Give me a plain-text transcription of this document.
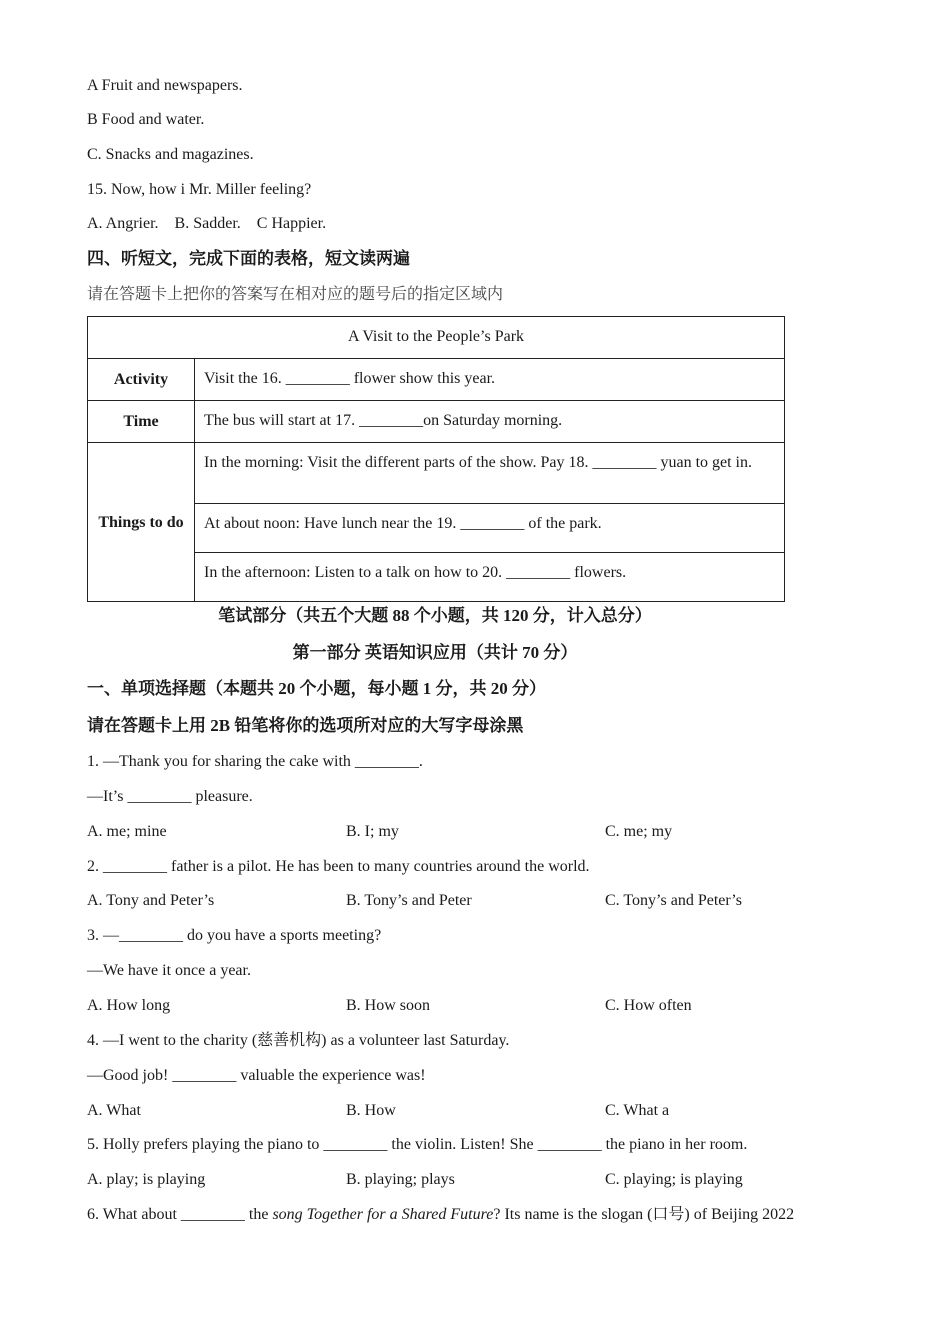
A Fruit and newspapers.
B Food and water.
C. Snacks and magazines.
15. Now, how i Mr. Miller feeling?
A. Angrier.    B. Sadder.    C Happier.
四、听短文，完成下面的表格，短文读两遍
请在答题卡上把你的答案写在相对应的题号后的指定区域内
A Visit to the People’s Park	
Activity	Visit the 16. ________ flower show this year.
Time	The bus will start at 17. ________on Saturday morning.
Things to do	In the morning: Visit the different parts of the show. Pay 18. ________ yuan to get in.
	At about noon: Have lunch near the 19. ________ of the park.
	In the afternoon: Listen to a talk on how to 20. ________ flowers.
笔试部分（共五个大题 88 个小题，共 120 分，计入总分）
第一部分 英语知识应用（共计 70 分）
一、单项选择题（本题共 20 个小题，每小题 1 分，共 20 分）
请在答题卡上用 2B 铅笔将你的选项所对应的大写字母涂黑
1. —Thank you for sharing the cake with ________.
—It’s ________ pleasure.
A. me; mine	B. I; my	C. me; my
2. ________ father is a pilot. He has been to many countries around the world.
A. Tony and Peter’s	B. Tony’s and Peter	C. Tony’s and Peter’s
3. —________ do you have a sports meeting?
—We have it once a year.
A. How long	B. How soon	C. How often
4. —I went to the charity (慈善机构) as a volunteer last Saturday.
—Good job! ________ valuable the experience was!
A. What	B. How	C. What a
5. Holly prefers playing the piano to ________ the violin. Listen! She ________ the piano in her room.
A. play; is playing	B. playing; plays	C. playing; is playing
6. What about ________ the song Together for a Shared Future? Its name is the slogan (口号) of Beijing 2022
